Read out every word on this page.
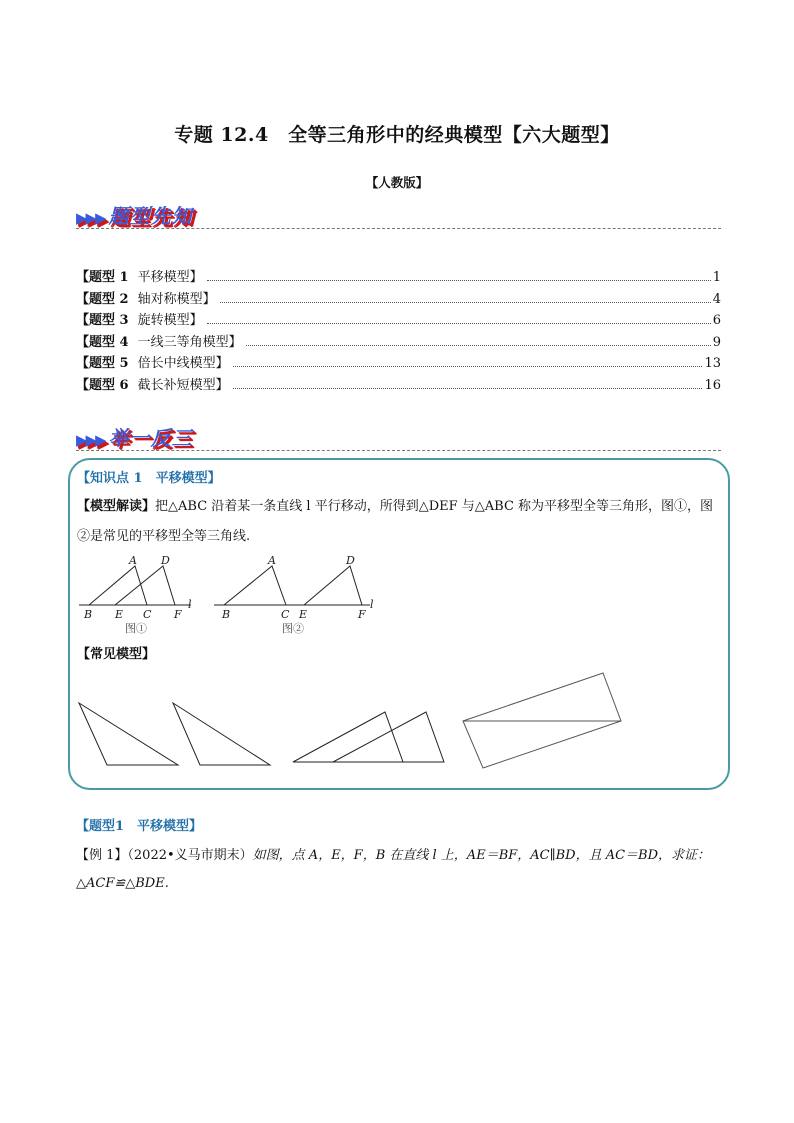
专题 12.4　全等三角形中的经典模型【六大题型】
【人教版】
▶▶▶ 题型先知
【题型 1 平移模型】	1
【题型 2 轴对称模型】	4
【题型 3 旋转模型】	6
【题型 4 一线三等角模型】	9
【题型 5 倍长中线模型】	13
【题型 6 截长补短模型】	16
▶▶▶ 举一反三
【知识点 1　平移模型】
【模型解读】把△ABC 沿着某一条直线 l 平行移动，所得到△DEF 与△ABC 称为平移型全等三角形，图①，图②是常见的平移型全等三角线.
A D
B E C F
l
图①
A	D
B	C E	F
l
图②
【常见模型】
【题型1　平移模型】
【例 1】（2022•义马市期末）如图，点 A，E，F，B 在直线 l 上，AE＝BF，AC∥BD，且 AC＝BD，求证：△ACF≌△BDE.
